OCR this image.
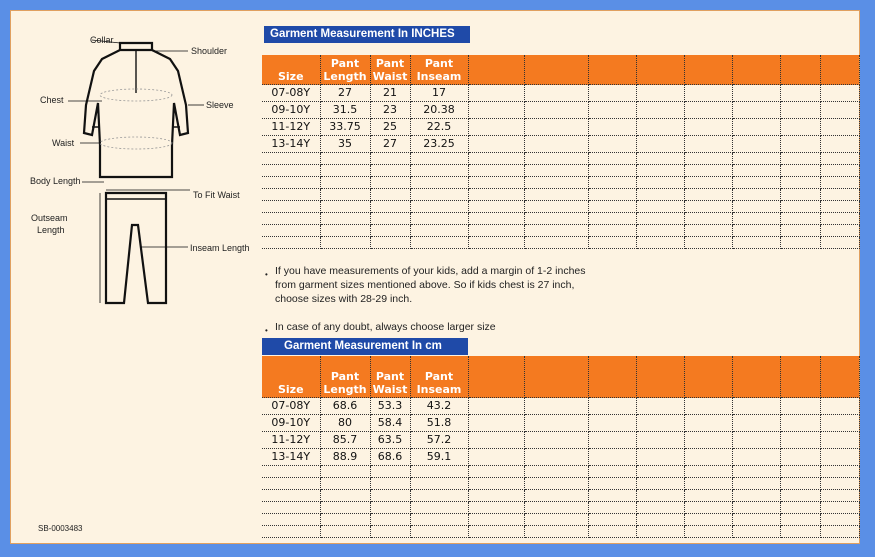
Collar
Shoulder
Chest	Sleeve
Waist
Body Length
To Fit Waist
Outseam
Length
Inseam Length
SB-0003483
Garment Measurement In INCHES
Size	Pant Length	Pant Waist	Pant Inseam								
07-08Y	27	21	17								
09-10Y	31.5	23	20.38								
11-12Y	33.75	25	22.5								
13-14Y	35	27	23.25								

• If you have measurements of your kids, add a margin of 1-2 inches from garment sizes mentioned above. So if kids chest is 27 inch, choose sizes with 28-29 inch.
• In case of any doubt, always choose larger size
Garment Measurement In cm
Size	Pant Length	Pant Waist	Pant Inseam								
07-08Y	68.6	53.3	43.2								
09-10Y	80	58.4	51.8								
11-12Y	85.7	63.5	57.2								
13-14Y	88.9	68.6	59.1								
